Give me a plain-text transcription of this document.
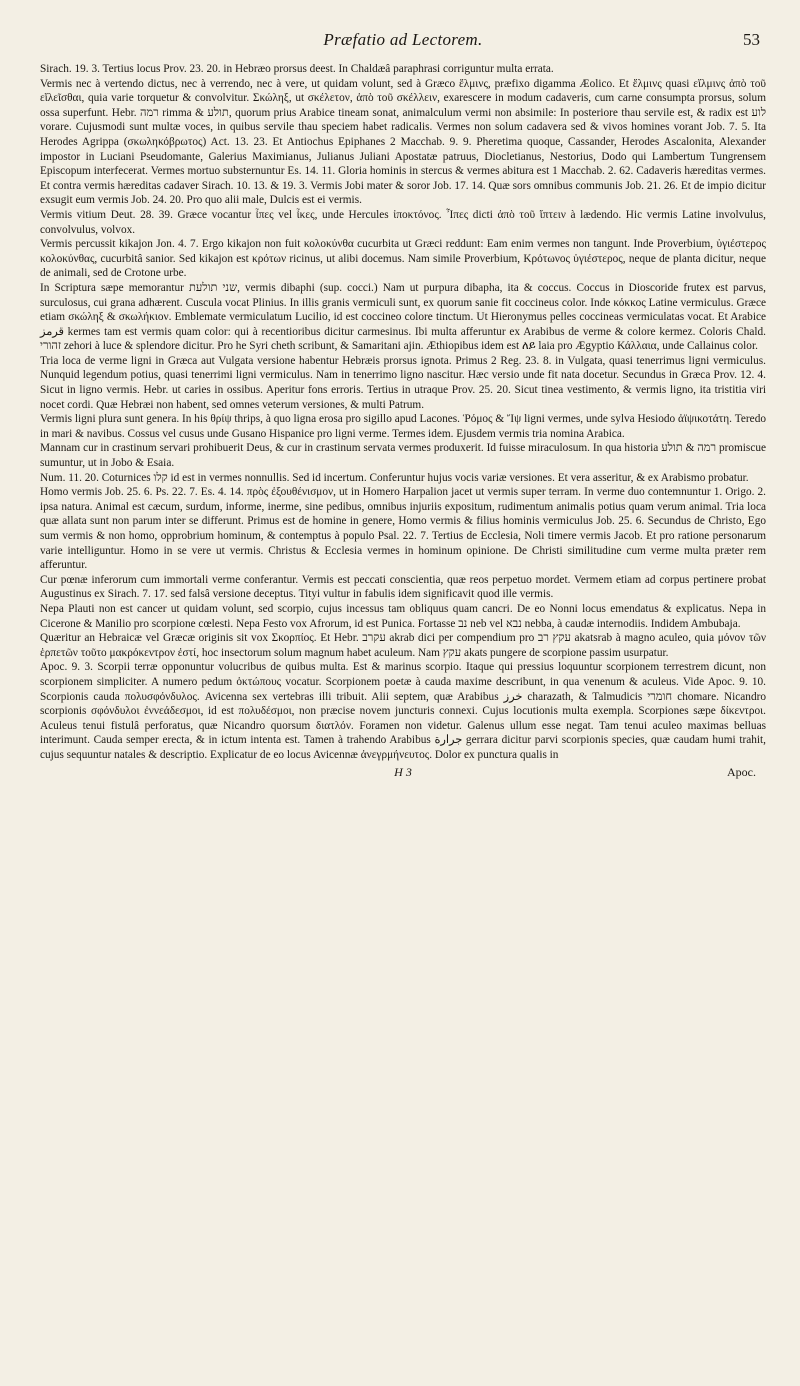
Præfatio ad Lectorem.	53

Sirach. 19. 3. Tertius locus Prov. 23. 20. in Hebræo prorsus deest. In Chaldæâ paraphrasi corriguntur multa errata.

Vermis nec à vertendo dictus, nec à verrendo, nec à vere, ut quidam volunt, sed à Græco ἕλμινς, præfixo digamma Æolico. Et ἕλμινς quasi εἵλμινς ἀπὸ τοῦ εἵλεῖσθαι, quia varie torquetur & convolvitur. Σκώληξ, ut σκέλετον, ἀπὸ τοῦ σκέλλειν, exarescere in modum cadaveris, cum carne consumpta prorsus, solum ossa superfunt. Hebr. רמה rimma & תולע, quorum prius Arabice tineam sonat, animalculum vermi non absimile: In posteriore thau servile est, & radix est לוע vorare. Cujusmodi sunt multæ voces, in quibus servile thau speciem habet radicalis. Vermes non solum cadavera sed & vivos homines vorant Job. 7. 5. Ita Herodes Agrippa (σκωληκόβρωτος) Act. 13. 23. Et Antiochus Epiphanes 2 Macchab. 9. 9. Pheretima quoque, Cassander, Herodes Ascalonita, Alexander impostor in Luciani Pseudomante, Galerius Maximianus, Julianus Juliani Apostatæ patruus, Diocletianus, Nestorius, Dodo qui Lambertum Tungrensem Episcopum interfecerat. Vermes mortuo substernuntur Es. 14. 11. Gloria hominis in stercus & vermes abitura est 1 Macchab. 2. 62. Cadaveris hæreditas vermes. Et contra vermis hæreditas cadaver Sirach. 10. 13. & 19. 3. Vermis Jobi mater & soror Job. 17. 14. Quæ sors omnibus communis Job. 21. 26. Et de impio dicitur exsugit eum vermis Job. 24. 20. Pro quo alii male, Dulcis est ei vermis.

Vermis vitium Deut. 28. 39. Græce vocantur ἶπες vel ἶκες, unde Hercules ἰποκτόνος. Ἶπες dicti ἀπὸ τοῦ ἴπτειν à lædendo. Hic vermis Latine involvulus, convolvulus, volvox.

Vermis percussit kikajon Jon. 4. 7. Ergo kikajon non fuit κολοκύνθα cucurbita ut Græci reddunt: Eam enim vermes non tangunt. Inde Proverbium, ὑγιέστερος κολοκύνθας, cucurbitâ sanior. Sed kikajon est κρότων ricinus, ut alibi docemus. Nam simile Proverbium, Κρότωνος ὑγιέστερος, neque de planta dicitur, neque de animali, sed de Crotone urbe.

In Scriptura sæpe memorantur שני תולעת, vermis dibaphi (sup. cocci.) Nam ut purpura dibapha, ita & coccus. Coccus in Dioscoride frutex est parvus, surculosus, cui grana adhærent. Cuscula vocat Plinius. In illis granis vermiculi sunt, ex quorum sanie fit coccineus color. Inde κόκκος Latine vermiculus. Græce etiam σκώληξ & σκωλήκιον. Emblemate vermiculatum Lucilio, id est coccineo colore tinctum. Ut Hieronymus pelles coccineas vermiculatas vocat. Et Arabice قرمز kermes tam est vermis quam color: qui à recentioribus dicitur carmesinus. Ibi multa afferuntur ex Arabibus de verme & colore kermez. Coloris Chald. זהורי zehori à luce & splendore dicitur. Pro he Syri cheth scribunt, & Samaritani ajin. Æthiopibus idem est ለይ laia pro Ægyptio Κάλλαια, unde Callainus color.

Tria loca de verme ligni in Græca aut Vulgata versione habentur Hebræis prorsus ignota. Primus 2 Reg. 23. 8. in Vulgata, quasi tenerrimus ligni vermiculus. Nunquid legendum potius, quasi tenerrimi ligni vermiculus. Nam in tenerrimo ligno nascitur. Hæc versio unde fit nata docetur. Secundus in Græca Prov. 12. 4. Sicut in ligno vermis. Hebr. ut caries in ossibus. Aperitur fons erroris. Tertius in utraque Prov. 25. 20. Sicut tinea vestimento, & vermis ligno, ita tristitia viri nocet cordi. Quæ Hebræi non habent, sed omnes veterum versiones, & multi Patrum.

Vermis ligni plura sunt genera. In his θρίψ thrips, à quo ligna erosa pro sigillo apud Lacones. Ῥόμος & Ἴψ ligni vermes, unde sylva Hesiodo ἀϊψικοτάτη. Teredo in mari & navibus. Cossus vel cusus unde Gusano Hispanice pro ligni verme. Termes idem. Ejusdem vermis tria nomina Arabica.

Mannam cur in crastinum servari prohibuerit Deus, & cur in crastinum servata vermes produxerit. Id fuisse miraculosum. In qua historia רמה & תולע promiscue sumuntur, ut in Jobo & Esaia.

Num. 11. 20. Coturnices קלו id est in vermes nonnullis. Sed id incertum. Conferuntur hujus vocis variæ versiones. Et vera asseritur, & ex Arabismo probatur.

Homo vermis Job. 25. 6. Ps. 22. 7. Es. 4. 14. πρὸς ἐξουθένισμον, ut in Homero Harpalion jacet ut vermis super terram. In verme duo contemnuntur 1. Origo. 2. ipsa natura. Animal est cæcum, surdum, informe, inerme, sine pedibus, omnibus injuriis expositum, rudimentum animalis potius quam verum animal. Tria loca quæ allata sunt non parum inter se differunt. Primus est de homine in genere, Homo vermis & filius hominis vermiculus Job. 25. 6. Secundus de Christo, Ego sum vermis & non homo, opprobrium hominum, & contemptus à populo Psal. 22. 7. Tertius de Ecclesia, Noli timere vermis Jacob. Et pro ratione personarum varie intelliguntur. Homo in se vere ut vermis. Christus & Ecclesia vermes in hominum opinione. De Christi similitudine cum verme multa præter rem afferuntur.

Cur pœnæ inferorum cum immortali verme conferantur. Vermis est peccati conscientia, quæ reos perpetuo mordet. Vermem etiam ad corpus pertinere probat Augustinus ex Sirach. 7. 17. sed falsâ versione deceptus. Tityi vultur in fabulis idem significavit quod ille vermis.

Nepa Plauti non est cancer ut quidam volunt, sed scorpio, cujus incessus tam obliquus quam cancri. De eo Nonni locus emendatus & explicatus. Nepa in Cicerone & Manilio pro scorpione cœlesti. Nepa Festo vox Afrorum, id est Punica. Fortasse נב neb vel נבא nebba, à caudæ internodiis. Indidem Ambubaja.

Quæritur an Hebraicæ vel Græcæ originis sit vox Σκορπίος. Et Hebr. עקרב akrab dici per compendium pro עקץ רב akatsrab à magno aculeo, quia μόνον τῶν ἑρπετῶν τοῦτο μακρόκεντρον ἐστί, hoc insectorum solum magnum habet aculeum. Nam עקץ akats pungere de scorpione passim usurpatur.

Apoc. 9. 3. Scorpii terræ opponuntur volucribus de quibus multa. Est & marinus scorpio. Itaque qui pressius loquuntur scorpionem terrestrem dicunt, non scorpionem simpliciter. A numero pedum ὀκτώπους vocatur. Scorpionem poetæ à cauda maxime describunt, in qua venenum & aculeus. Vide Apoc. 9. 10. Scorpionis cauda πολυσφόνδυλος. Avicenna sex vertebras illi tribuit. Alii septem, quæ Arabibus خرز charazath, & Talmudicis חומרי chomare. Nicandro scorpionis σφόνδυλοι ἐννεάδεσμοι, id est πολυδέσμοι, non præcise novem juncturis connexi. Cujus locutionis multa exempla. Scorpiones sæpe δίκεντροι. Aculeus tenui fistulâ perforatus, quæ Nicandro quorsum διατλόν. Foramen non videtur. Galenus ullum esse negat. Tam tenui aculeo maximas belluas interimunt. Cauda semper erecta, & in ictum intenta est. Tamen à trahendo Arabibus جرارة gerrara dicitur parvi scorpionis species, quæ caudam humi trahit, cujus sequuntur natales & descriptio. Explicatur de eo locus Avicennæ ἀνεγρμήνευτος. Dolor ex punctura qualis in

H 3	Apoc.
